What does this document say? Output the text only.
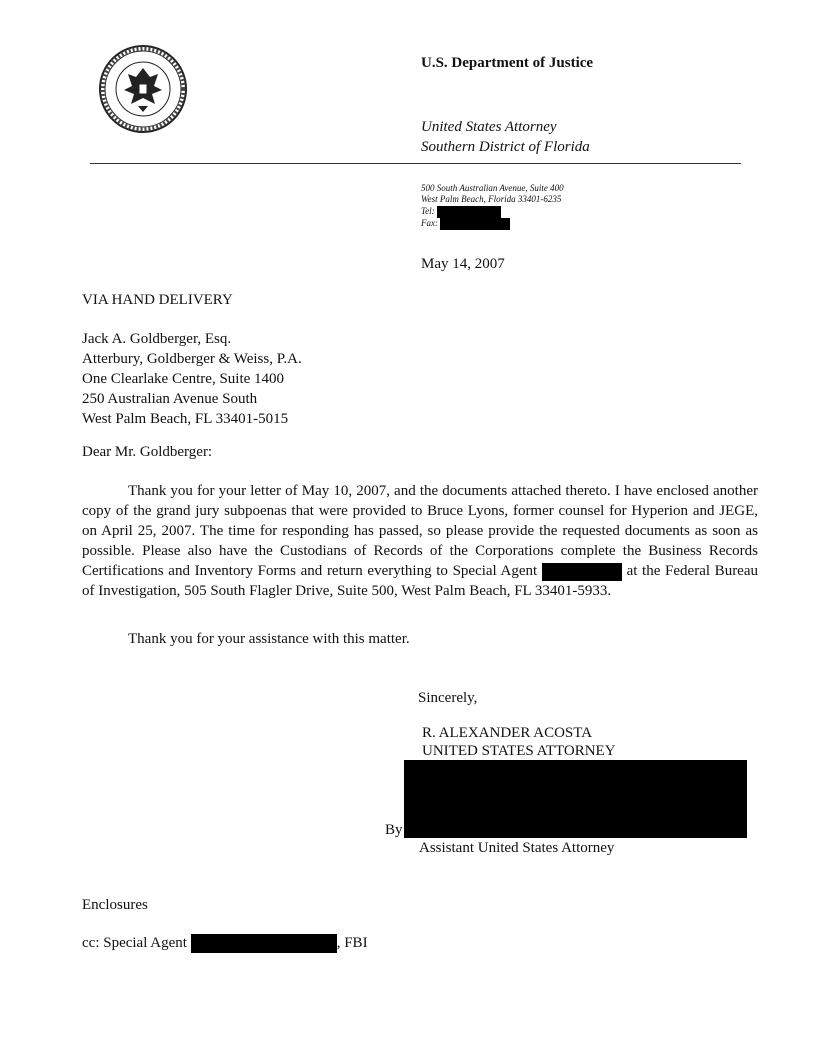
U.S. Department of Justice
United States Attorney
Southern District of Florida
500 South Australian Avenue, Suite 400
West Palm Beach, Florida 33401-6235
Tel:
Fax:
May 14, 2007
VIA HAND DELIVERY
Jack A. Goldberger, Esq.
Atterbury, Goldberger & Weiss, P.A.
One Clearlake Centre, Suite 1400
250 Australian Avenue South
West Palm Beach, FL 33401-5015
Dear Mr. Goldberger:

Thank you for your letter of May 10, 2007, and the documents attached thereto. I have enclosed another copy of the grand jury subpoenas that were provided to Bruce Lyons, former counsel for Hyperion and JEGE, on April 25, 2007. The time for responding has passed, so please provide the requested documents as soon as possible. Please also have the Custodians of Records of the Corporations complete the Business Records Certifications and Inventory Forms and return everything to Special Agent	at the Federal Bureau of Investigation, 505 South Flagler Drive, Suite 500, West Palm Beach, FL 33401-5933.

Thank you for your assistance with this matter.
Sincerely,
R. ALEXANDER ACOSTA
UNITED STATES ATTORNEY
By
Assistant United States Attorney
Enclosures
cc: Special Agent	, FBI
